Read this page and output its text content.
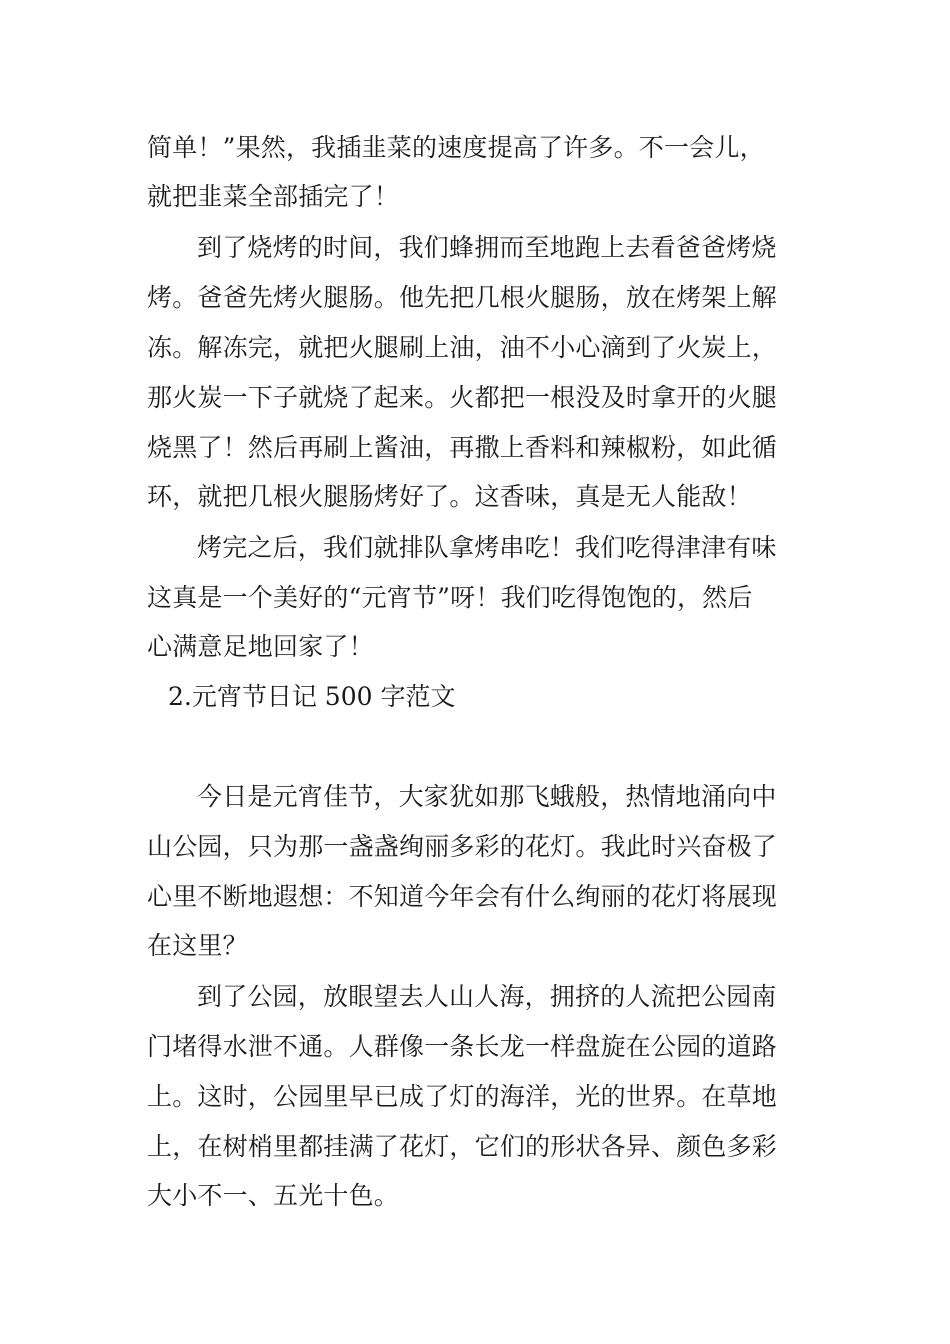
简单！”果然，我插韭菜的速度提高了许多。不一会儿，
就把韭菜全部插完了！
到了烧烤的时间，我们蜂拥而至地跑上去看爸爸烤烧
烤。爸爸先烤火腿肠。他先把几根火腿肠，放在烤架上解
冻。解冻完，就把火腿刷上油，油不小心滴到了火炭上，
那火炭一下子就烧了起来。火都把一根没及时拿开的火腿
烧黑了！然后再刷上酱油，再撒上香料和辣椒粉，如此循
环，就把几根火腿肠烤好了。这香味，真是无人能敌！
烤完之后，我们就排队拿烤串吃！我们吃得津津有味
这真是一个美好的“元宵节”呀！我们吃得饱饱的，然后
心满意足地回家了！
2.元宵节日记 500 字范文
今日是元宵佳节，大家犹如那飞蛾般，热情地涌向中
山公园，只为那一盏盏绚丽多彩的花灯。我此时兴奋极了
心里不断地遐想：不知道今年会有什么绚丽的花灯将展现
在这里？
到了公园，放眼望去人山人海，拥挤的人流把公园南
门堵得水泄不通。人群像一条长龙一样盘旋在公园的道路
上。这时，公园里早已成了灯的海洋，光的世界。在草地
上，在树梢里都挂满了花灯，它们的形状各异、颜色多彩
大小不一、五光十色。
